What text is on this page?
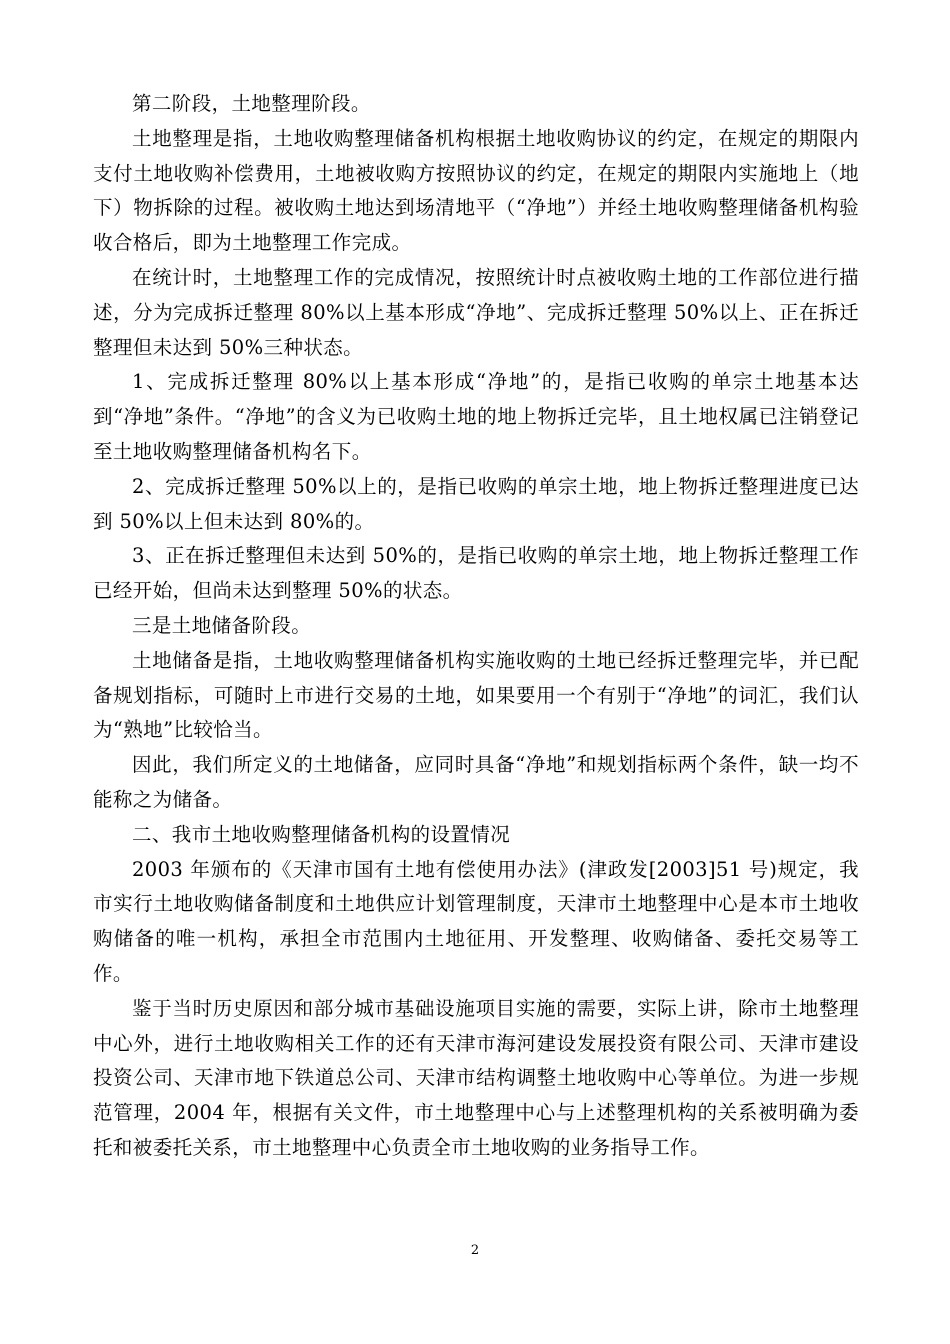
第二阶段，土地整理阶段。

土地整理是指，土地收购整理储备机构根据土地收购协议的约定，在规定的期限内支付土地收购补偿费用，土地被收购方按照协议的约定，在规定的期限内实施地上（地下）物拆除的过程。被收购土地达到场清地平（“净地”）并经土地收购整理储备机构验收合格后，即为土地整理工作完成。

在统计时，土地整理工作的完成情况，按照统计时点被收购土地的工作部位进行描述，分为完成拆迁整理 80%以上基本形成“净地”、完成拆迁整理 50%以上、正在拆迁整理但未达到 50%三种状态。

1、完成拆迁整理 80%以上基本形成“净地”的，是指已收购的单宗土地基本达到“净地”条件。“净地”的含义为已收购土地的地上物拆迁完毕，且土地权属已注销登记至土地收购整理储备机构名下。

2、完成拆迁整理 50%以上的，是指已收购的单宗土地，地上物拆迁整理进度已达到 50%以上但未达到 80%的。

3、正在拆迁整理但未达到 50%的，是指已收购的单宗土地，地上物拆迁整理工作已经开始，但尚未达到整理 50%的状态。

三是土地储备阶段。

土地储备是指，土地收购整理储备机构实施收购的土地已经拆迁整理完毕，并已配备规划指标，可随时上市进行交易的土地，如果要用一个有别于“净地”的词汇，我们认为“熟地”比较恰当。

因此，我们所定义的土地储备，应同时具备“净地”和规划指标两个条件，缺一均不能称之为储备。

二、我市土地收购整理储备机构的设置情况

2003 年颁布的《天津市国有土地有偿使用办法》(津政发[2003]51 号)规定，我市实行土地收购储备制度和土地供应计划管理制度，天津市土地整理中心是本市土地收购储备的唯一机构，承担全市范围内土地征用、开发整理、收购储备、委托交易等工作。

鉴于当时历史原因和部分城市基础设施项目实施的需要，实际上讲，除市土地整理中心外，进行土地收购相关工作的还有天津市海河建设发展投资有限公司、天津市建设投资公司、天津市地下铁道总公司、天津市结构调整土地收购中心等单位。为进一步规范管理，2004 年，根据有关文件，市土地整理中心与上述整理机构的关系被明确为委托和被委托关系，市土地整理中心负责全市土地收购的业务指导工作。

2
